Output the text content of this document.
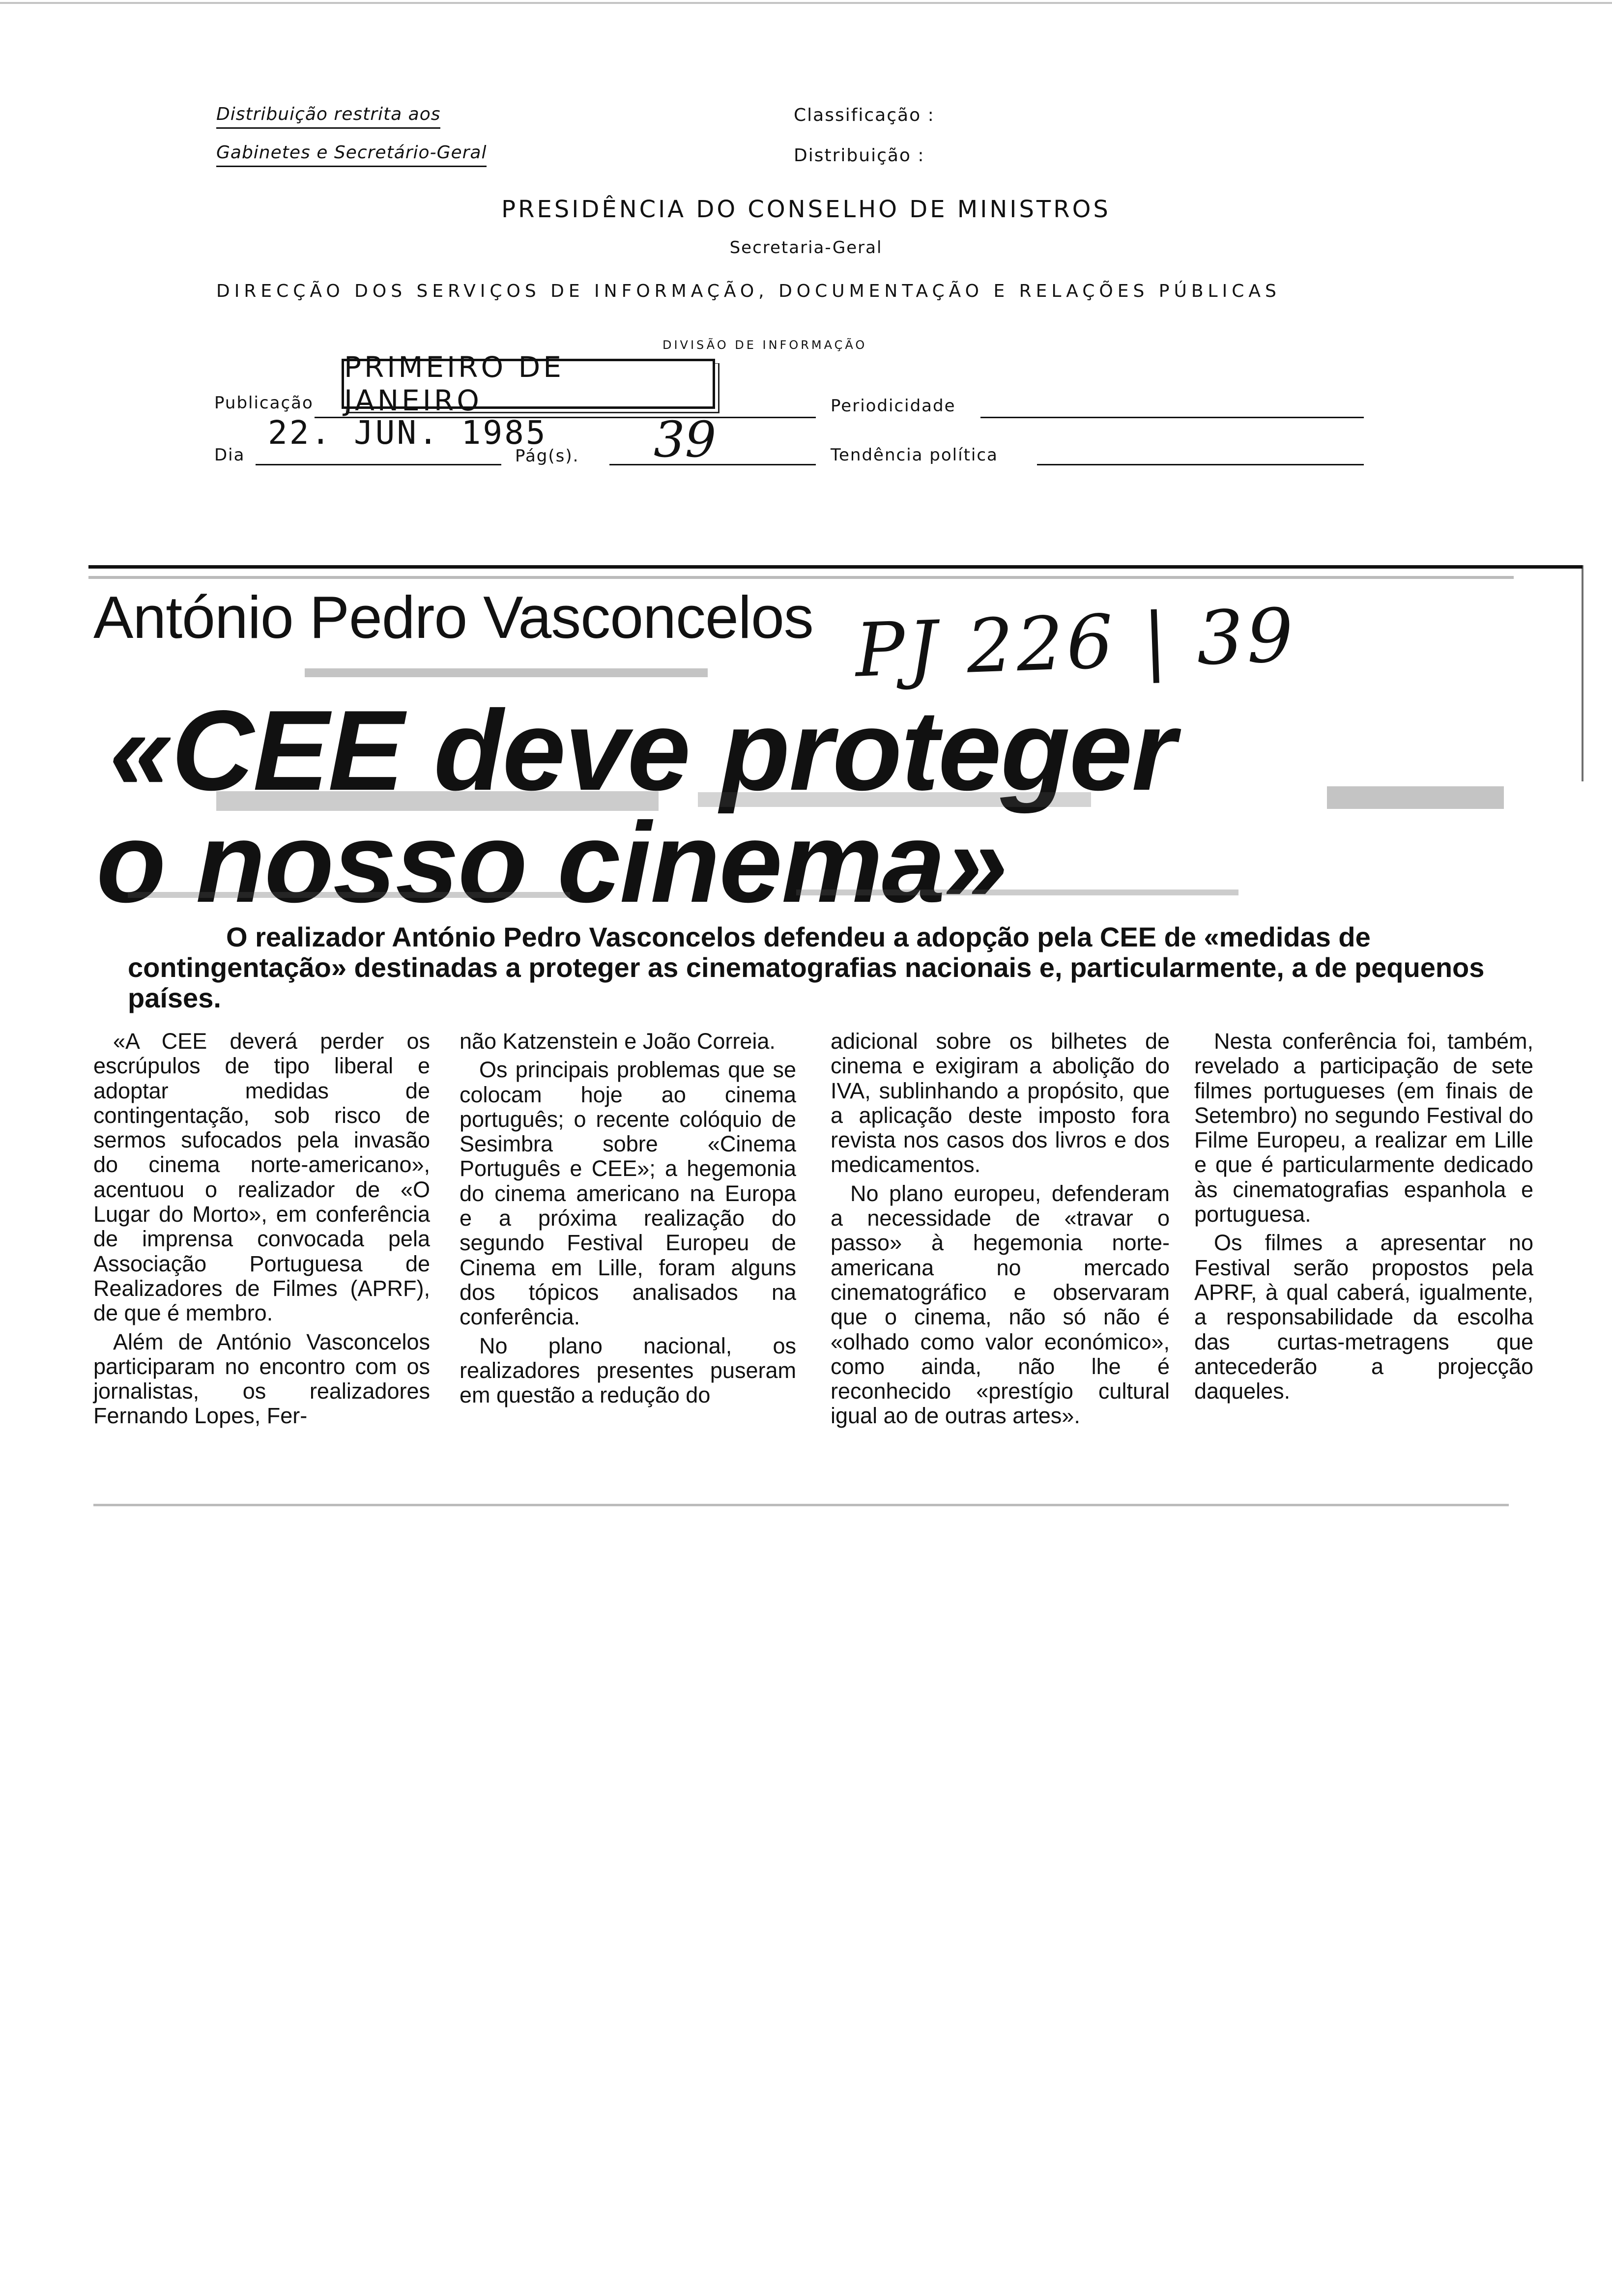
Distribuição restrita aos
Gabinetes e Secretário-Geral
Classificação :
Distribuição :
PRESIDÊNCIA DO CONSELHO DE MINISTROS
Secretaria-Geral
DIRECÇÃO DOS SERVIÇOS DE INFORMAÇÃO, DOCUMENTAÇÃO E RELAÇÕES PÚBLICAS
DIVISÃO DE INFORMAÇÃO
Publicação
PRIMEIRO DE JANEIRO	Periodicidade
Dia
22. JUN. 1985
Pág(s). 39	Tendência política
António Pedro Vasconcelos PJ 226 | 39
«CEE deve proteger
o nosso cinema»
O realizador António Pedro Vasconcelos defendeu a adopção pela CEE de «medidas de contingentação» destinadas a proteger as cinematografias nacionais e, particularmente, a de pequenos países.

«A CEE deverá perder os escrúpulos de tipo liberal e adoptar medidas de contingentação, sob risco de sermos sufocados pela invasão do cinema norte-americano», acentuou o realizador de «O Lugar do Morto», em conferência de imprensa convocada pela Associação Portuguesa de Realizadores de Filmes (APRF), de que é membro.

Além de António Vasconcelos participaram no encontro com os jornalistas, os realizadores Fernando Lopes, Fer-

não Katzenstein e João Correia.

Os principais problemas que se colocam hoje ao cinema português; o recente colóquio de Sesimbra sobre «Cinema Português e CEE»; a hegemonia do cinema americano na Europa e a próxima realização do segundo Festival Europeu de Cinema em Lille, foram alguns dos tópicos analisados na conferência.

No plano nacional, os realizadores presentes puseram em questão a redução do

adicional sobre os bilhetes de cinema e exigiram a abolição do IVA, sublinhando a propósito, que a aplicação deste imposto fora revista nos casos dos livros e dos medicamentos.

No plano europeu, defenderam a necessidade de «travar o passo» à hegemonia norte-americana no mercado cinematográfico e observaram que o cinema, não só não é «olhado como valor económico», como ainda, não lhe é reconhecido «prestígio cultural igual ao de outras artes».

Nesta conferência foi, também, revelado a participação de sete filmes portugueses (em finais de Setembro) no segundo Festival do Filme Europeu, a realizar em Lille e que é particularmente dedicado às cinematografias espanhola e portuguesa.

Os filmes a apresentar no Festival serão propostos pela APRF, à qual caberá, igualmente, a responsabilidade da escolha das curtas-metragens que antecederão a projecção daqueles.
